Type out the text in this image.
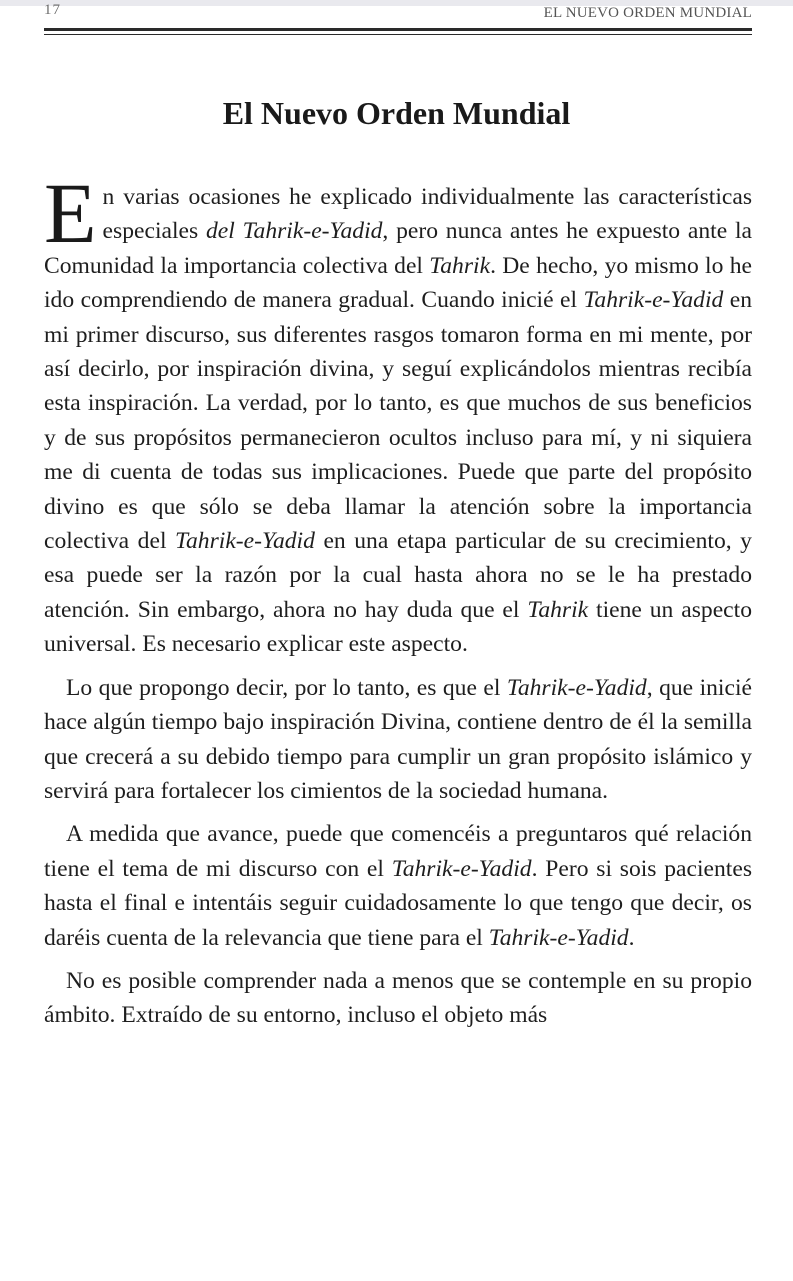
17	EL NUEVO ORDEN MUNDIAL
El Nuevo Orden Mundial

En varias ocasiones he explicado individualmente las características especiales del Tahrik-e-Yadid, pero nunca antes he expuesto ante la Comunidad la importancia colectiva del Tahrik. De hecho, yo mismo lo he ido comprendiendo de manera gradual. Cuando inicié el Tahrik-e-Yadid en mi primer discurso, sus diferentes rasgos tomaron forma en mi mente, por así decirlo, por inspiración divina, y seguí explicándolos mientras recibía esta inspiración. La verdad, por lo tanto, es que muchos de sus beneficios y de sus propósitos permanecieron ocultos incluso para mí, y ni siquiera me di cuenta de todas sus implicaciones. Puede que parte del propósito divino es que sólo se deba llamar la atención sobre la importancia colectiva del Tahrik-e-Yadid en una etapa particular de su crecimiento, y esa puede ser la razón por la cual hasta ahora no se le ha prestado atención. Sin embargo, ahora no hay duda que el Tahrik tiene un aspecto universal. Es necesario explicar este aspecto.

Lo que propongo decir, por lo tanto, es que el Tahrik-e-Yadid, que inicié hace algún tiempo bajo inspiración Divina, contiene dentro de él la semilla que crecerá a su debido tiempo para cumplir un gran propósito islámico y servirá para fortalecer los cimientos de la sociedad humana.

A medida que avance, puede que comencéis a preguntaros qué relación tiene el tema de mi discurso con el Tahrik-e-Yadid. Pero si sois pacientes hasta el final e intentáis seguir cuidadosamente lo que tengo que decir, os daréis cuenta de la relevancia que tiene para el Tahrik-e-Yadid.

No es posible comprender nada a menos que se contemple en su propio ámbito. Extraído de su entorno, incluso el objeto más
